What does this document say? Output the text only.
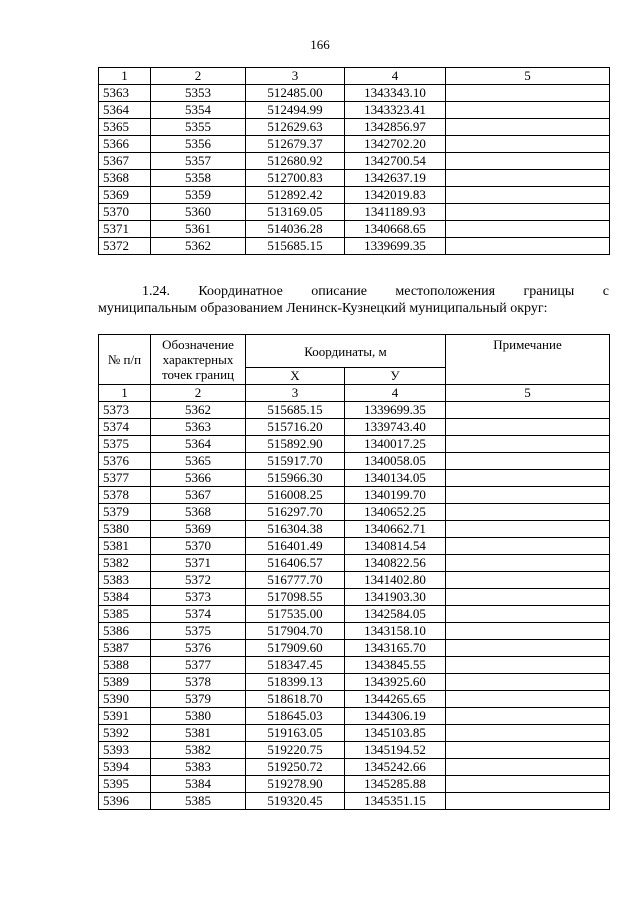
166
1	2	3	4	5
5363	5353	512485.00	1343343.10	
5364	5354	512494.99	1343323.41	
5365	5355	512629.63	1342856.97	
5366	5356	512679.37	1342702.20	
5367	5357	512680.92	1342700.54	
5368	5358	512700.83	1342637.19	
5369	5359	512892.42	1342019.83	
5370	5360	513169.05	1341189.93	
5371	5361	514036.28	1340668.65	
5372	5362	515685.15	1339699.35	
1.24. Координатное описание местоположения границы с
муниципальным образованием Ленинск-Кузнецкий муниципальный округ:
№ п/п	Обозначение характерных точек границ	Координаты, м		Примечание
		Х	У	
1	2	3	4	5
5373	5362	515685.15	1339699.35	
5374	5363	515716.20	1339743.40	
5375	5364	515892.90	1340017.25	
5376	5365	515917.70	1340058.05	
5377	5366	515966.30	1340134.05	
5378	5367	516008.25	1340199.70	
5379	5368	516297.70	1340652.25	
5380	5369	516304.38	1340662.71	
5381	5370	516401.49	1340814.54	
5382	5371	516406.57	1340822.56	
5383	5372	516777.70	1341402.80	
5384	5373	517098.55	1341903.30	
5385	5374	517535.00	1342584.05	
5386	5375	517904.70	1343158.10	
5387	5376	517909.60	1343165.70	
5388	5377	518347.45	1343845.55	
5389	5378	518399.13	1343925.60	
5390	5379	518618.70	1344265.65	
5391	5380	518645.03	1344306.19	
5392	5381	519163.05	1345103.85	
5393	5382	519220.75	1345194.52	
5394	5383	519250.72	1345242.66	
5395	5384	519278.90	1345285.88	
5396	5385	519320.45	1345351.15	
